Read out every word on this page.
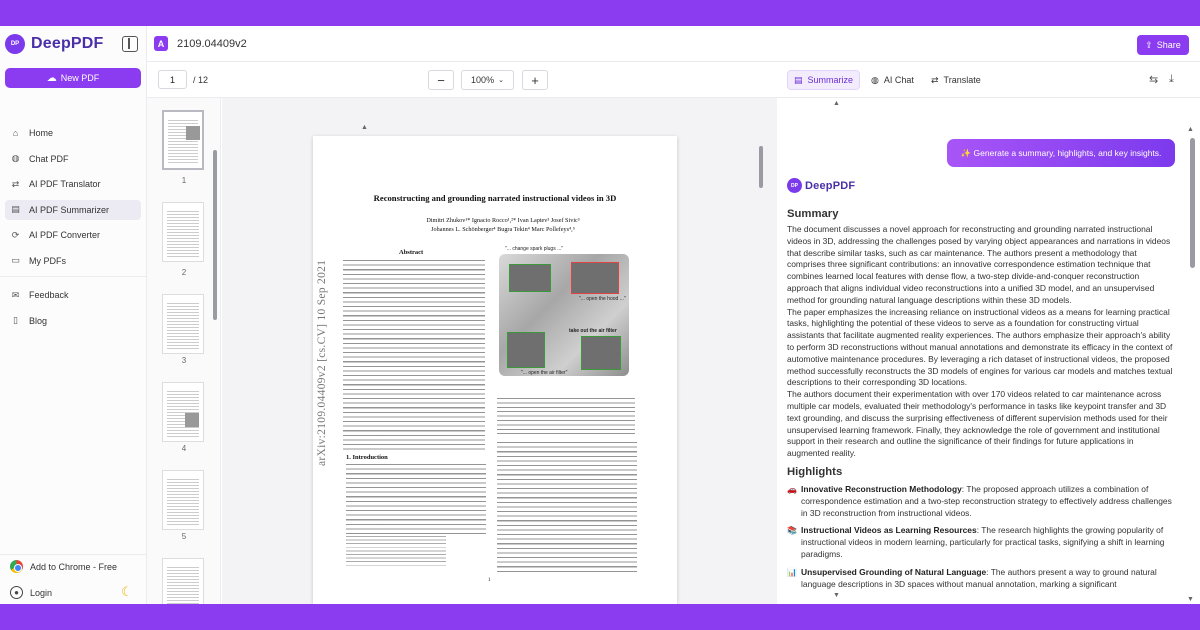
DP DeepPDF
☁ New PDF
⌂	Home
◍ Chat PDF
⇄ AI PDF Translator
▤ AI PDF Summarizer
⟳ AI PDF Converter
▭ My PDFs
✉ Feedback
▯	Blog
Add to Chrome - Free
●	Login	☾
A	2109.04409v2	⇪ Share
1	/ 12	−	100% ⌄	+
1
2
3
4
5
▲
▼
▲
Reconstructing and grounding narrated instructional videos in 3D
Dimitri Zhukov¹* Ignacio Rocco¹,²* Ivan Laptev³ Josef Sivic³
Johannes L. Schönberger⁴ Bugra Tekin⁴ Marc Pollefeys⁴,⁵
arXiv:2109.04409v2 [cs.CV] 10 Sep 2021
Abstract	"... change spark plugs ..."
"... open the hood ..."
take out the air filter
"... open the air filter"
1. Introduction
1
▤ Summarize ◍ AI Chat ⇄ Translate	⇆ ⤓
✨ Generate a summary, highlights, and key insights.
DP DeepPDF
Summary

The document discusses a novel approach for reconstructing and grounding narrated instructional videos in 3D, addressing the challenges posed by varying object appearances and narrations in videos that describe similar tasks, such as car maintenance. The authors present a methodology that comprises three significant contributions: an innovative correspondence estimation technique that combines learned local features with dense flow, a two-step divide-and-conquer reconstruction approach that aligns individual video reconstructions into a unified 3D model, and an unsupervised method for grounding natural language descriptions within these 3D models.

The paper emphasizes the increasing reliance on instructional videos as a means for learning practical tasks, highlighting the potential of these videos to serve as a foundation for constructing virtual assistants that facilitate augmented reality experiences. The authors emphasize their approach's ability to perform 3D reconstructions without manual annotations and demonstrate its efficacy in the context of automotive maintenance procedures. By leveraging a rich dataset of instructional videos, the proposed method successfully reconstructs the 3D models of engines for various car models and matches textual descriptions to their corresponding 3D locations.

The authors document their experimentation with over 170 videos related to car maintenance across multiple car models, evaluated their methodology's performance in tasks like keypoint transfer and 3D text grounding, and discuss the surprising effectiveness of different supervision methods used for their unsupervised learning framework. Finally, they acknowledge the role of government and institutional support in their research and outline the significance of their findings for future applications in augmented reality.

Highlights
🚗 Innovative Reconstruction Methodology: The proposed approach utilizes a combination of correspondence estimation and a two-step reconstruction strategy to effectively address challenges in 3D reconstruction from instructional videos.
📚 Instructional Videos as Learning Resources: The research highlights the growing popularity of instructional videos in modern learning, particularly for practical tasks, signifying a shift in learning paradigms.
📊 Unsupervised Grounding of Natural Language: The authors present a way to ground natural language descriptions in 3D spaces without manual annotation, marking a significant
▲
▼
